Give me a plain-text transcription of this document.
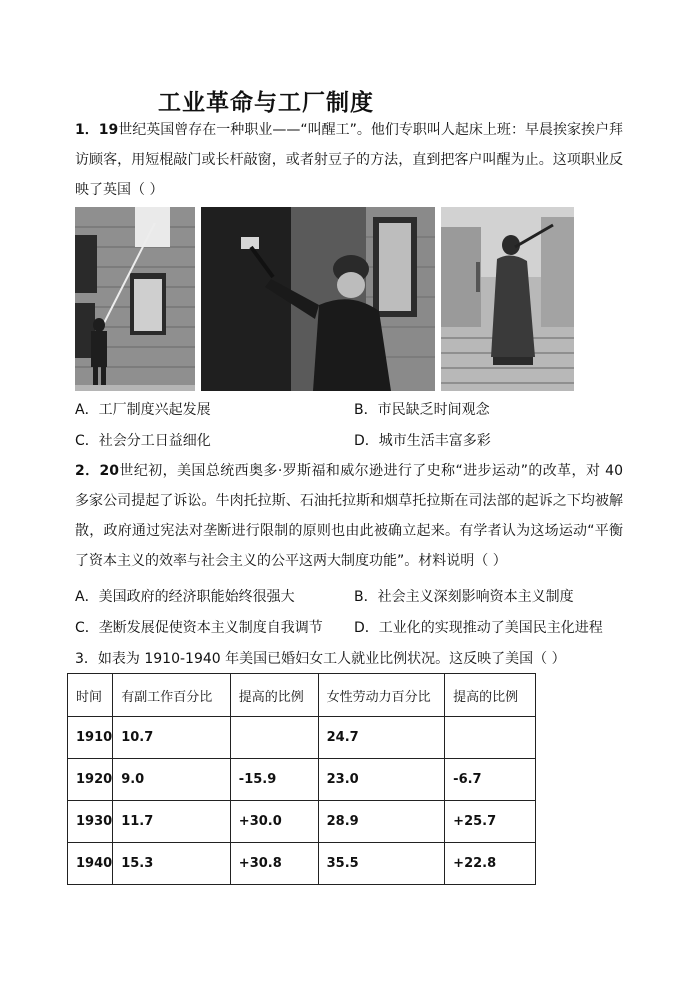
工业革命与工厂制度
1．19世纪英国曾存在一种职业——“叫醒工”。他们专职叫人起床上班：早晨挨家挨户拜访顾客，用短棍敲门或长杆敲窗，或者射豆子的方法，直到把客户叫醒为止。这项职业反映了英国（ ）
A．工厂制度兴起发展	B．市民缺乏时间观念
C．社会分工日益细化	D．城市生活丰富多彩
2．20世纪初，美国总统西奥多·罗斯福和威尔逊进行了史称“进步运动”的改革，对 40 多家公司提起了诉讼。牛肉托拉斯、石油托拉斯和烟草托拉斯在司法部的起诉之下均被解散，政府通过宪法对垄断进行限制的原则也由此被确立起来。有学者认为这场运动“平衡了资本主义的效率与社会主义的公平这两大制度功能”。材料说明（ ）
A．美国政府的经济职能始终很强大	B．社会主义深刻影响资本主义制度
C．垄断发展促使资本主义制度自我调节 D．工业化的实现推动了美国民主化进程
3．如表为 1910-1940 年美国已婚妇女工人就业比例状况。这反映了美国（ ）
时间	有副工作百分比	提高的比例	女性劳动力百分比	提高的比例
1910	10.7		24.7	
1920	9.0	-15.9	23.0	-6.7
1930	11.7	+30.0	28.9	+25.7
1940	15.3	+30.8	35.5	+22.8
